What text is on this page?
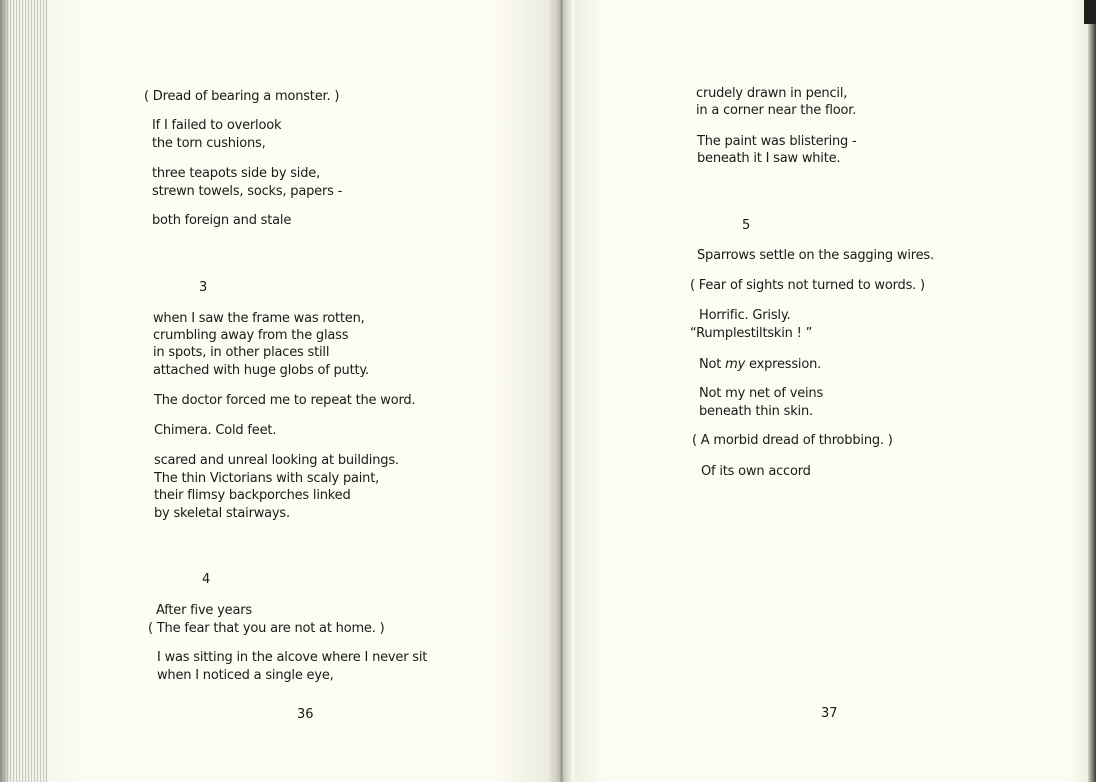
( Dread of bearing a monster. )

If I failed to overlook

the torn cushions,

three teapots side by side,

strewn towels, socks, papers -

both foreign and stale

3

when I saw the frame was rotten,

crumbling away from the glass

in spots, in other places still

attached with huge globs of putty.

The doctor forced me to repeat the word.

Chimera. Cold feet.

scared and unreal looking at buildings.

The thin Victorians with scaly paint,

their flimsy backporches linked

by skeletal stairways.

4

After five years

( The fear that you are not at home. )

I was sitting in the alcove where I never sit

when I noticed a single eye,

36

crudely drawn in pencil,

in a corner near the floor.

The paint was blistering -

beneath it I saw white.

5

Sparrows settle on the sagging wires.

( Fear of sights not turned to words. )

Horrific. Grisly.

“Rumplestiltskin ! ”

Not my expression.

Not my net of veins

beneath thin skin.

( A morbid dread of throbbing. )

Of its own accord

37
